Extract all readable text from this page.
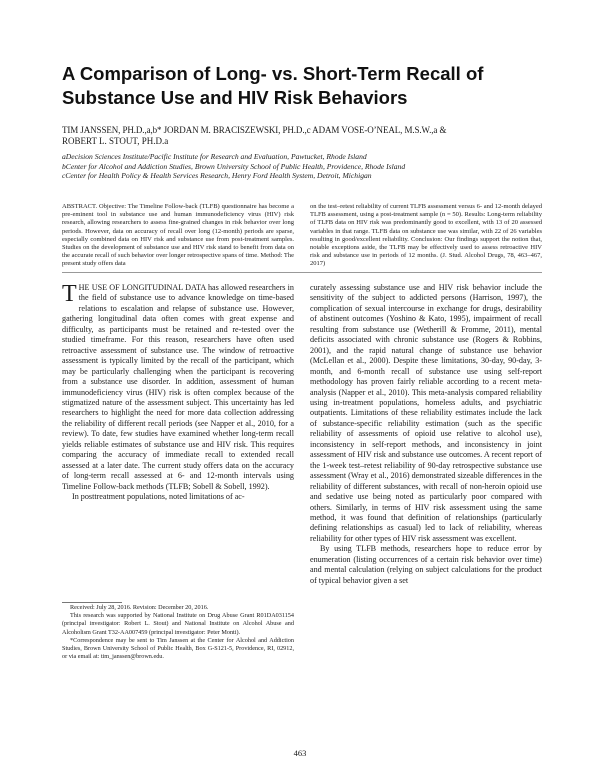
A Comparison of Long- vs. Short-Term Recall of Substance Use and HIV Risk Behaviors
TIM JANSSEN, PH.D.,a,b* JORDAN M. BRACISZEWSKI, PH.D.,c ADAM VOSE-O’NEAL, M.S.W.,a &
ROBERT L. STOUT, PH.D.a
aDecision Sciences Institute/Pacific Institute for Research and Evaluation, Pawtucket, Rhode Island
bCenter for Alcohol and Addiction Studies, Brown University School of Public Health, Providence, Rhode Island
cCenter for Health Policy & Health Services Research, Henry Ford Health System, Detroit, Michigan
ABSTRACT. Objective: The Timeline Follow-back (TLFB) questionnaire has become a pre-eminent tool in substance use and human immunodeficiency virus (HIV) risk research, allowing researchers to assess fine-grained changes in risk behavior over long periods. However, data on accuracy of recall over long (12-month) periods are sparse, especially combined data on HIV risk and substance use from post-treatment samples. Studies on the development of substance use and HIV risk stand to benefit from data on the accurate recall of such behavior over longer retrospective spans of time. Method: The present study offers data
on the test–retest reliability of current TLFB assessment versus 6- and 12-month delayed TLFB assessment, using a post-treatment sample (n = 50). Results: Long-term reliability of TLFB data on HIV risk was predominantly good to excellent, with 13 of 20 assessed variables in that range. TLFB data on substance use was similar, with 22 of 26 variables resulting in good/excellent reliability. Conclusion: Our findings support the notion that, notable exceptions aside, the TLFB may be effectively used to assess retroactive HIV risk and substance use in periods of 12 months. (J. Stud. Alcohol Drugs, 78, 463–467, 2017)

THE USE OF LONGITUDINAL DATA has allowed researchers in the field of substance use to advance knowledge on time-based relations to escalation and relapse of substance use. However, gathering longitudinal data often comes with great expense and difficulty, as participants must be retained and re-tested over the studied timeframe. For this reason, researchers have often used retroactive assessment of substance use. The window of retroactive assessment is typically limited by the recall of the participant, which may be particularly challenging when the participant is recovering from a substance use disorder. In addition, assessment of human immunodeficiency virus (HIV) risk is often complex because of the stigmatized nature of the assessment subject. This uncertainty has led researchers to highlight the need for more data collection addressing the reliability of different recall periods (see Napper et al., 2010, for a review). To date, few studies have examined whether long-term recall yields reliable estimates of substance use and HIV risk. This requires comparing the accuracy of immediate recall to extended recall assessed at a later date. The current study offers data on the accuracy of long-term recall assessed at 6- and 12-month intervals using Timeline Follow-back methods (TLFB; Sobell & Sobell, 1992).

In posttreatment populations, noted limitations of ac-

curately assessing substance use and HIV risk behavior include the sensitivity of the subject to addicted persons (Harrison, 1997), the complication of sexual intercourse in exchange for drugs, desirability of abstinent outcomes (Yoshino & Kato, 1995), impairment of recall resulting from substance use (Wetherill & Fromme, 2011), mental deficits associated with chronic substance use (Rogers & Robbins, 2001), and the rapid natural change of substance use behavior (McLellan et al., 2000). Despite these limitations, 30-day, 90-day, 3-month, and 6-month recall of substance use using self-report methodology has proven fairly reliable according to a recent meta-analysis (Napper et al., 2010). This meta-analysis compared reliability using in-treatment populations, homeless adults, and psychiatric outpatients. Limitations of these reliability estimates include the lack of substance-specific reliability estimation (such as the specific reliability of assessments of opioid use relative to alcohol use), inconsistency in self-report methods, and inconsistency in joint assessment of HIV risk and substance use outcomes. A recent report of the 1-week test–retest reliability of 90-day retrospective substance use assessment (Wray et al., 2016) demonstrated sizeable differences in the reliability of different substances, with recall of non-heroin opioid use and sedative use being noted as particularly poor compared with others. Similarly, in terms of HIV risk assessment using the same method, it was found that definition of relationships (particularly defining relationships as casual) led to lack of reliability, whereas reliability for other types of HIV risk assessment was excellent.

By using TLFB methods, researchers hope to reduce error by enumeration (listing occurrences of a certain risk behavior over time) and mental calculation (relying on subject calculations for the product of typical behavior given a set

Received: July 28, 2016. Revision: December 20, 2016.

This research was supported by National Institute on Drug Abuse Grant R01DA031154 (principal investigator: Robert L. Stout) and National Institute on Alcohol Abuse and Alcoholism Grant T32-AA007459 (principal investigator: Peter Monti).

*Correspondence may be sent to Tim Janssen at the Center for Alcohol and Addiction Studies, Brown University School of Public Health, Box G-S121-5, Providence, RI, 02912, or via email at: tim_janssen@brown.edu.

463
